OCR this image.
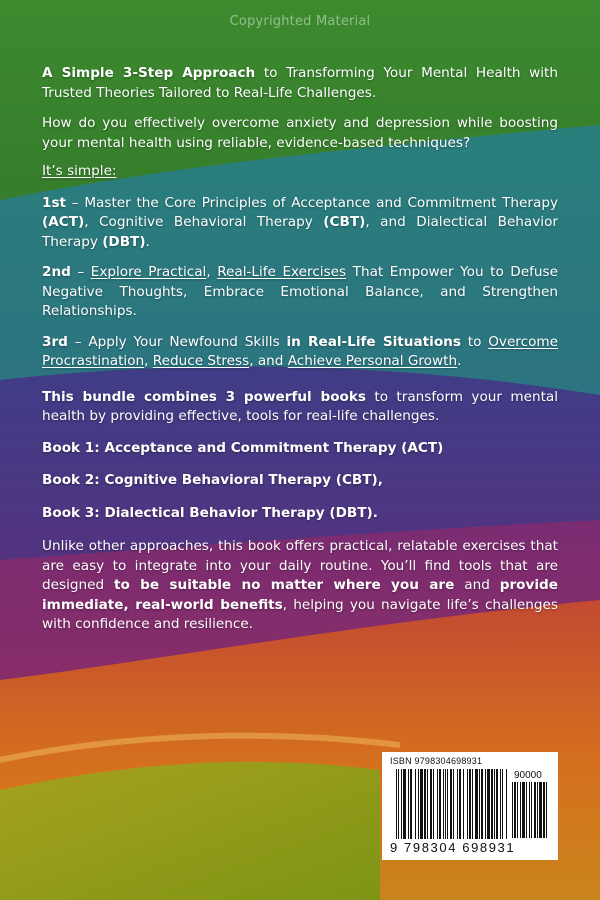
Copyrighted Material

A Simple 3-Step Approach to Transforming Your Mental Health with Trusted Theories Tailored to Real-Life Challenges.

How do you effectively overcome anxiety and depression while boosting your mental health using reliable, evidence-based techniques?

It’s simple:

1st – Master the Core Principles of Acceptance and Commitment Therapy (ACT), Cognitive Behavioral Therapy (CBT), and Dialectical Behavior Therapy (DBT).

2nd – Explore Practical, Real-Life Exercises That Empower You to Defuse Negative Thoughts, Embrace Emotional Balance, and Strengthen Relationships.

3rd – Apply Your Newfound Skills in Real-Life Situations to Overcome Procrastination, Reduce Stress, and Achieve Personal Growth.

This bundle combines 3 powerful books to transform your mental health by providing effective, tools for real-life challenges.

Book 1: Acceptance and Commitment Therapy (ACT)

Book 2: Cognitive Behavioral Therapy (CBT),

Book 3: Dialectical Behavior Therapy (DBT).

Unlike other approaches, this book offers practical, relatable exercises that are easy to integrate into your daily routine. You’ll find tools that are designed to be suitable no matter where you are and provide immediate, real-world benefits, helping you navigate life’s challenges with confidence and resilience.

ISBN 9798304698931
90000
9 798304 698931
